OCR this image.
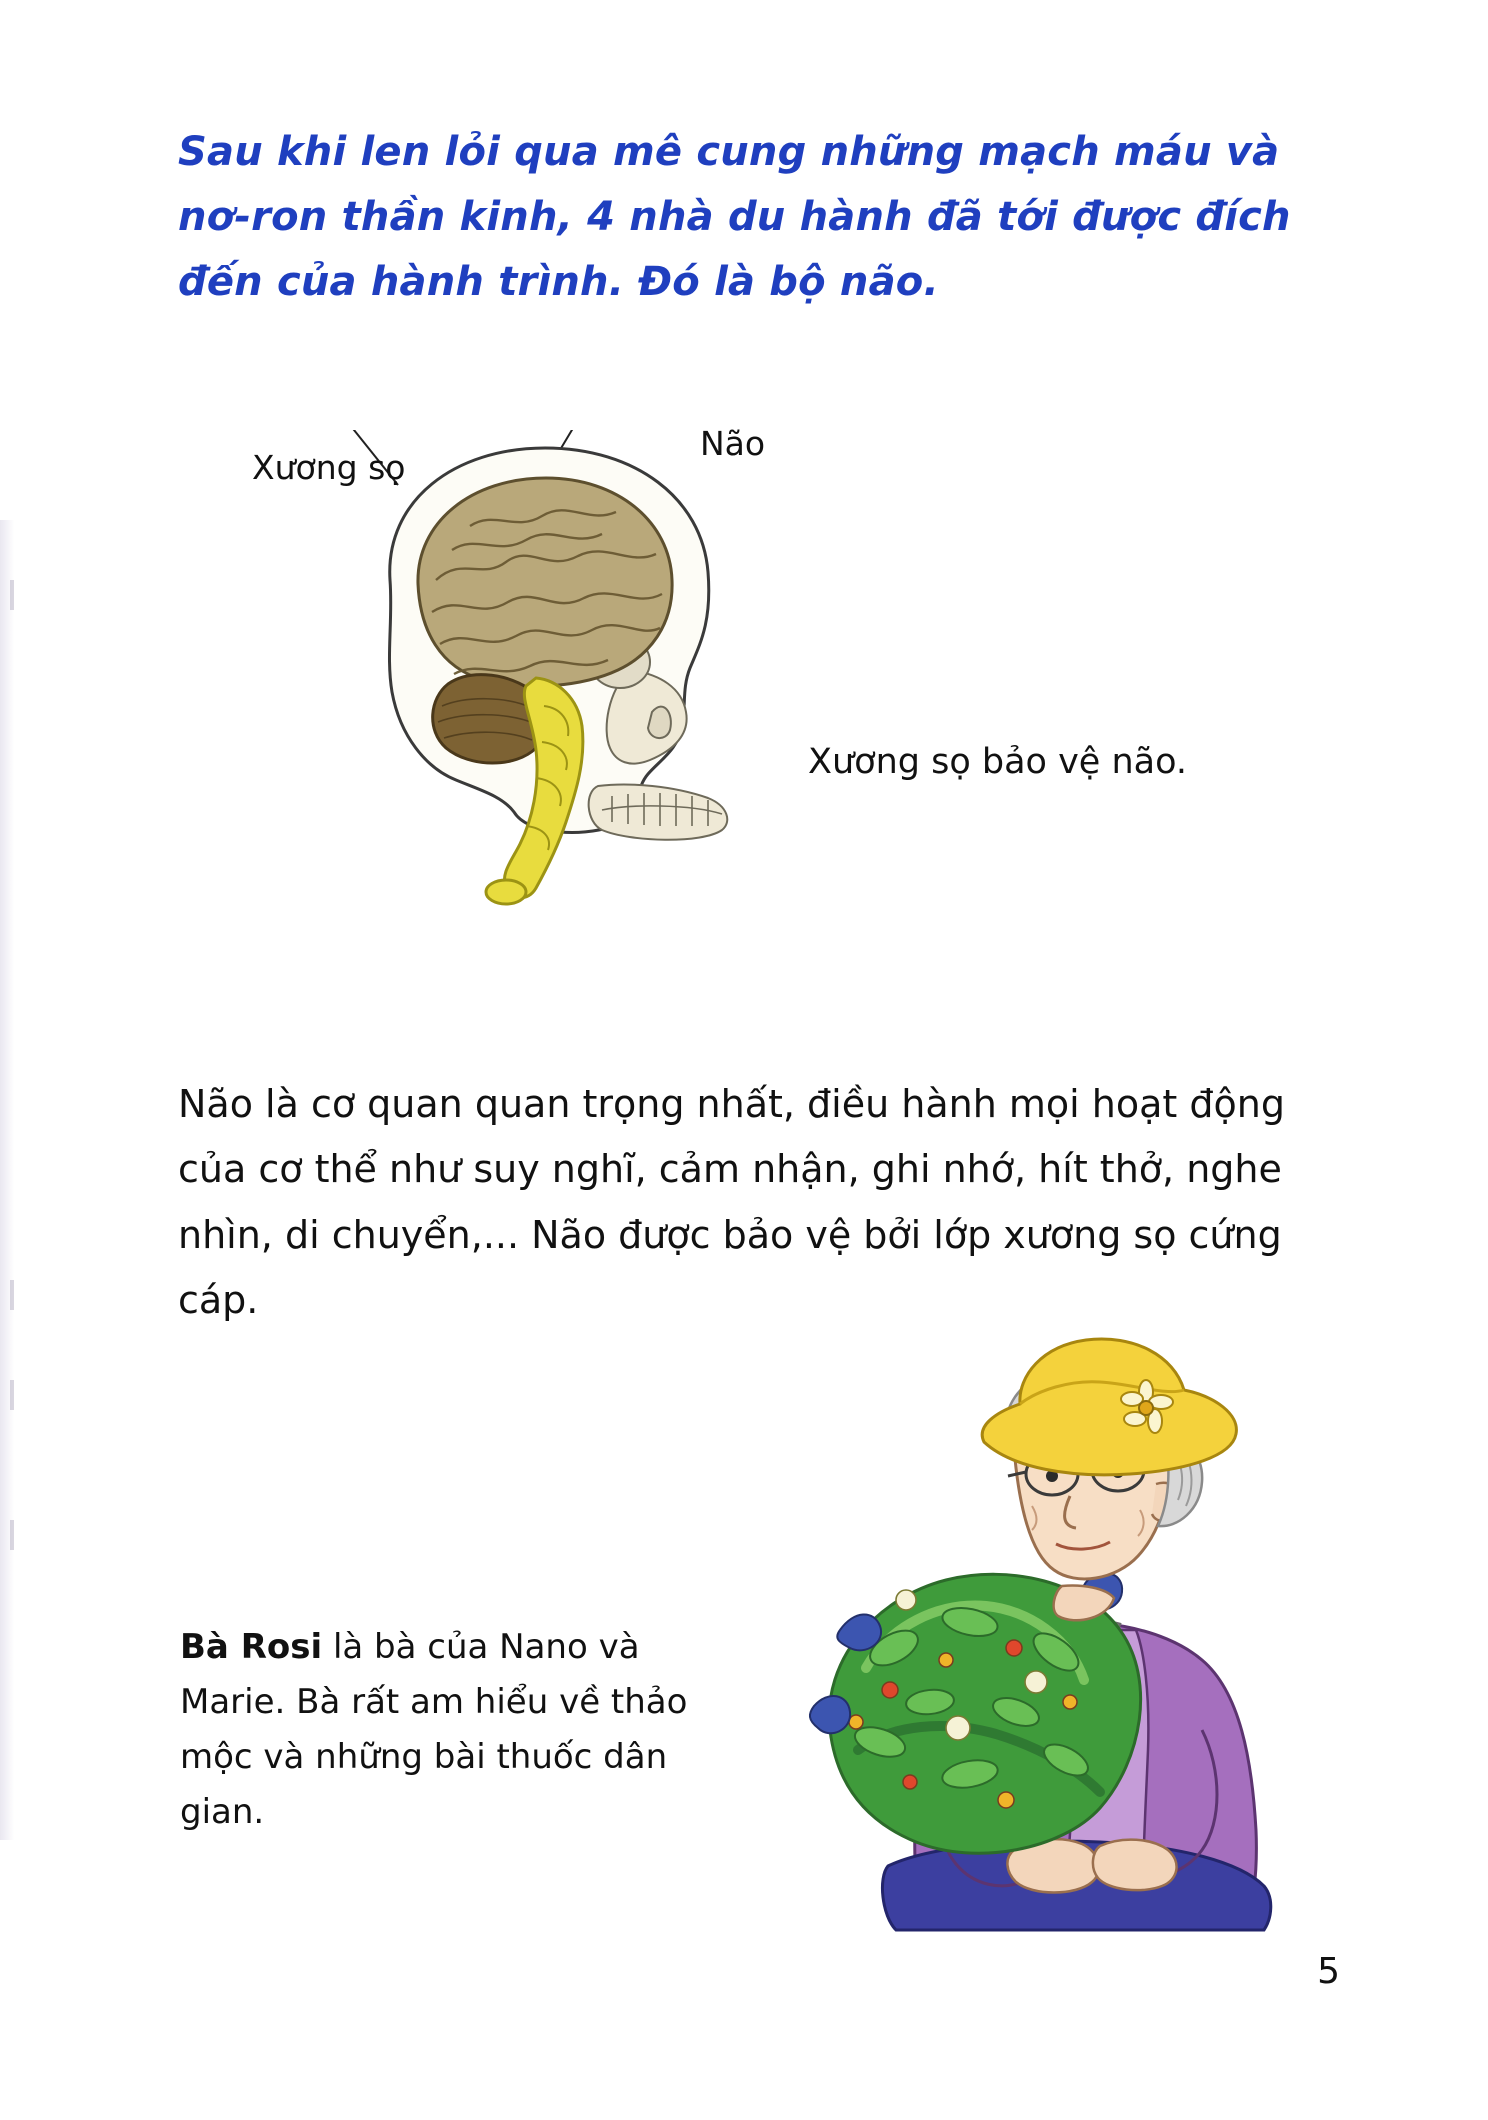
Sau khi len lỏi qua mê cung những mạch máu và nơ-ron thần kinh, 4 nhà du hành đã tới được đích đến của hành trình. Đó là bộ não.
Xương sọ
Não
Xương sọ bảo vệ não.
Não là cơ quan quan trọng nhất, điều hành mọi hoạt động của cơ thể như suy nghĩ, cảm nhận, ghi nhớ, hít thở, nghe nhìn, di chuyển,... Não được bảo vệ bởi lớp xương sọ cứng cáp.
Bà Rosi là bà của Nano và Marie. Bà rất am hiểu về thảo mộc và những bài thuốc dân gian.
5
